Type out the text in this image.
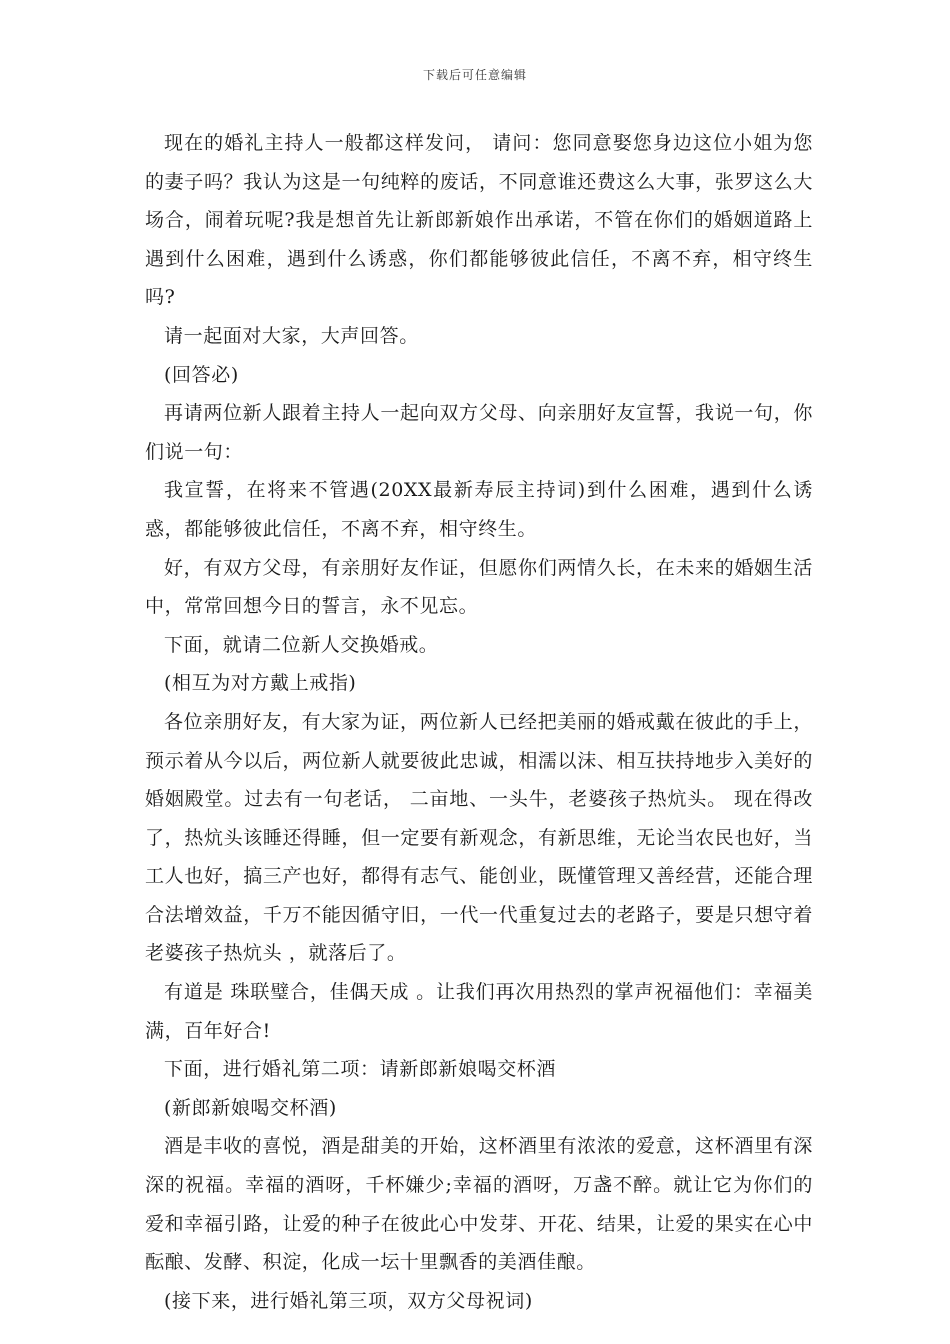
下载后可任意编辑

现在的婚礼主持人一般都这样发问， 请问：您同意娶您身边这位小姐为您的妻子吗？我认为这是一句纯粹的废话，不同意谁还费这么大事，张罗这么大场合，闹着玩呢?我是想首先让新郎新娘作出承诺，不管在你们的婚姻道路上遇到什么困难，遇到什么诱惑，你们都能够彼此信任，不离不弃，相守终生吗?

请一起面对大家，大声回答。

(回答必)

再请两位新人跟着主持人一起向双方父母、向亲朋好友宣誓，我说一句，你们说一句：

我宣誓，在将来不管遇(20XX最新寿辰主持词)到什么困难，遇到什么诱惑，都能够彼此信任，不离不弃，相守终生。

好，有双方父母，有亲朋好友作证，但愿你们两情久长，在未来的婚姻生活中，常常回想今日的誓言，永不见忘。

下面，就请二位新人交换婚戒。

(相互为对方戴上戒指)

各位亲朋好友，有大家为证，两位新人已经把美丽的婚戒戴在彼此的手上，预示着从今以后，两位新人就要彼此忠诚，相濡以沫、相互扶持地步入美好的婚姻殿堂。过去有一句老话， 二亩地、一头牛，老婆孩子热炕头。 现在得改了，热炕头该睡还得睡，但一定要有新观念，有新思维，无论当农民也好，当工人也好，搞三产也好，都得有志气、能创业，既懂管理又善经营，还能合理合法增效益，千万不能因循守旧，一代一代重复过去的老路子，要是只想守着老婆孩子热炕头 ，就落后了。

有道是 珠联璧合，佳偶天成 。让我们再次用热烈的掌声祝福他们：幸福美满，百年好合!

下面，进行婚礼第二项：请新郎新娘喝交杯酒

(新郎新娘喝交杯酒)

酒是丰收的喜悦，酒是甜美的开始，这杯酒里有浓浓的爱意，这杯酒里有深深的祝福。幸福的酒呀，千杯嫌少;幸福的酒呀，万盏不醉。就让它为你们的爱和幸福引路，让爱的种子在彼此心中发芽、开花、结果，让爱的果实在心中酝酿、发酵、积淀，化成一坛十里飘香的美酒佳酿。

(接下来，进行婚礼第三项，双方父母祝词)
